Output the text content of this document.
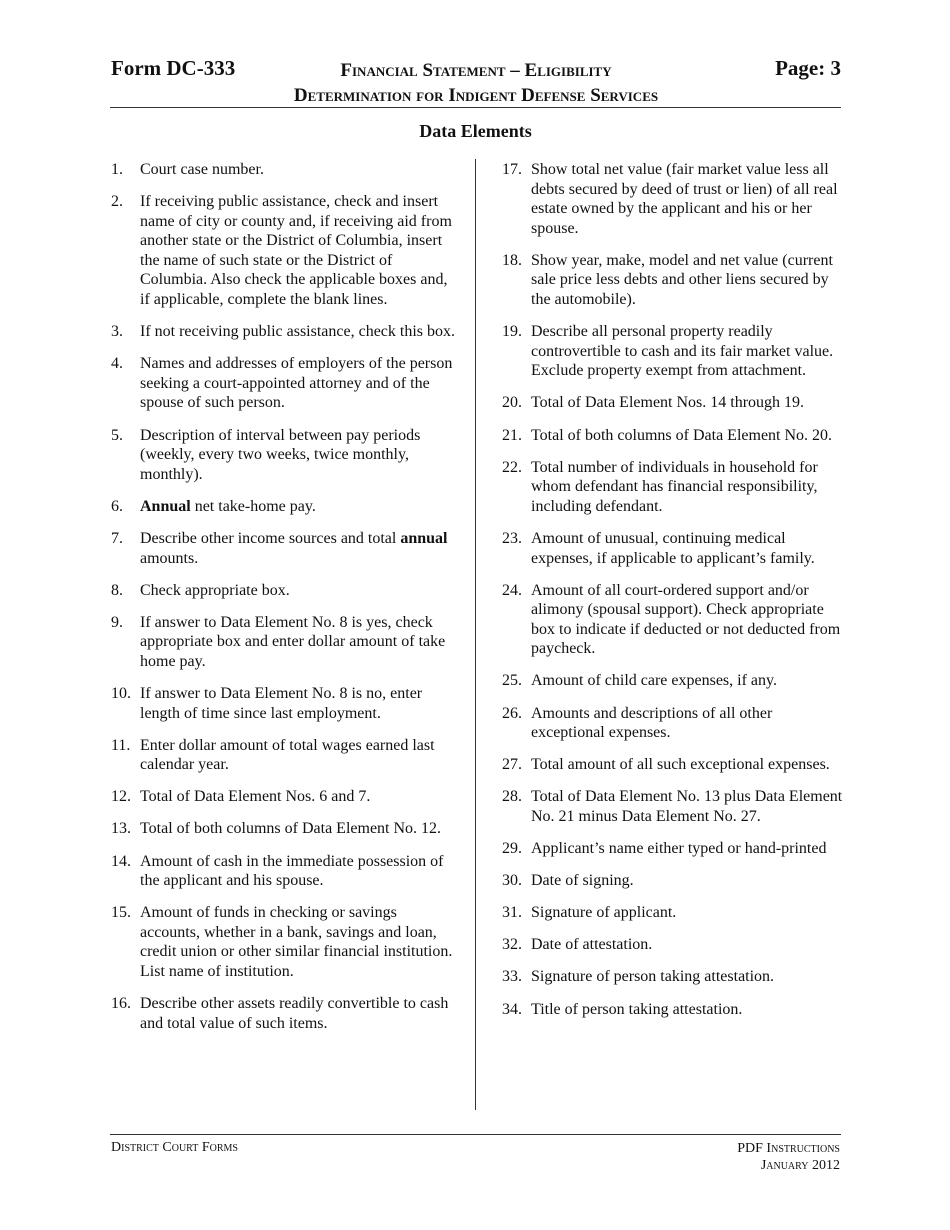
Form DC-333	Financial Statement – Eligibility
Determination for Indigent Defense Services
Page: 3
Data Elements
1.	Court case number.
2.	If receiving public assistance, check and insert name of city or county and, if receiving aid from another state or the District of Columbia, insert the name of such state or the District of Columbia. Also check the applicable boxes and, if applicable, complete the blank lines.
3.	If not receiving public assistance, check this box.
4.	Names and addresses of employers of the person seeking a court-appointed attorney and of the spouse of such person.
5.	Description of interval between pay periods (weekly, every two weeks, twice monthly, monthly).
6.	Annual net take-home pay.
7.	Describe other income sources and total annual amounts.
8.	Check appropriate box.
9.	If answer to Data Element No. 8 is yes, check appropriate box and enter dollar amount of take home pay.
10. If answer to Data Element No. 8 is no, enter length of time since last employment.
11. Enter dollar amount of total wages earned last calendar year.
12. Total of Data Element Nos. 6 and 7.
13. Total of both columns of Data Element No. 12.
14. Amount of cash in the immediate possession of the applicant and his spouse.
15. Amount of funds in checking or savings accounts, whether in a bank, savings and loan, credit union or other similar financial institution. List name of institution.
16. Describe other assets readily convertible to cash and total value of such items.
17. Show total net value (fair market value less all debts secured by deed of trust or lien) of all real estate owned by the applicant and his or her spouse.
18. Show year, make, model and net value (current sale price less debts and other liens secured by the automobile).
19. Describe all personal property readily controvertible to cash and its fair market value. Exclude property exempt from attachment.
20. Total of Data Element Nos. 14 through 19.
21. Total of both columns of Data Element No. 20.
22. Total number of individuals in household for whom defendant has financial responsibility, including defendant.
23. Amount of unusual, continuing medical expenses, if applicable to applicant’s family.
24. Amount of all court-ordered support and/or alimony (spousal support). Check appropriate box to indicate if deducted or not deducted from paycheck.
25. Amount of child care expenses, if any.
26. Amounts and descriptions of all other exceptional expenses.
27. Total amount of all such exceptional expenses.
28. Total of Data Element No. 13 plus Data Element No. 21 minus Data Element No. 27.
29. Applicant’s name either typed or hand-printed
30. Date of signing.
31. Signature of applicant.
32. Date of attestation.
33. Signature of person taking attestation.
34. Title of person taking attestation.
District Court Forms	PDF Instructions
January 2012
